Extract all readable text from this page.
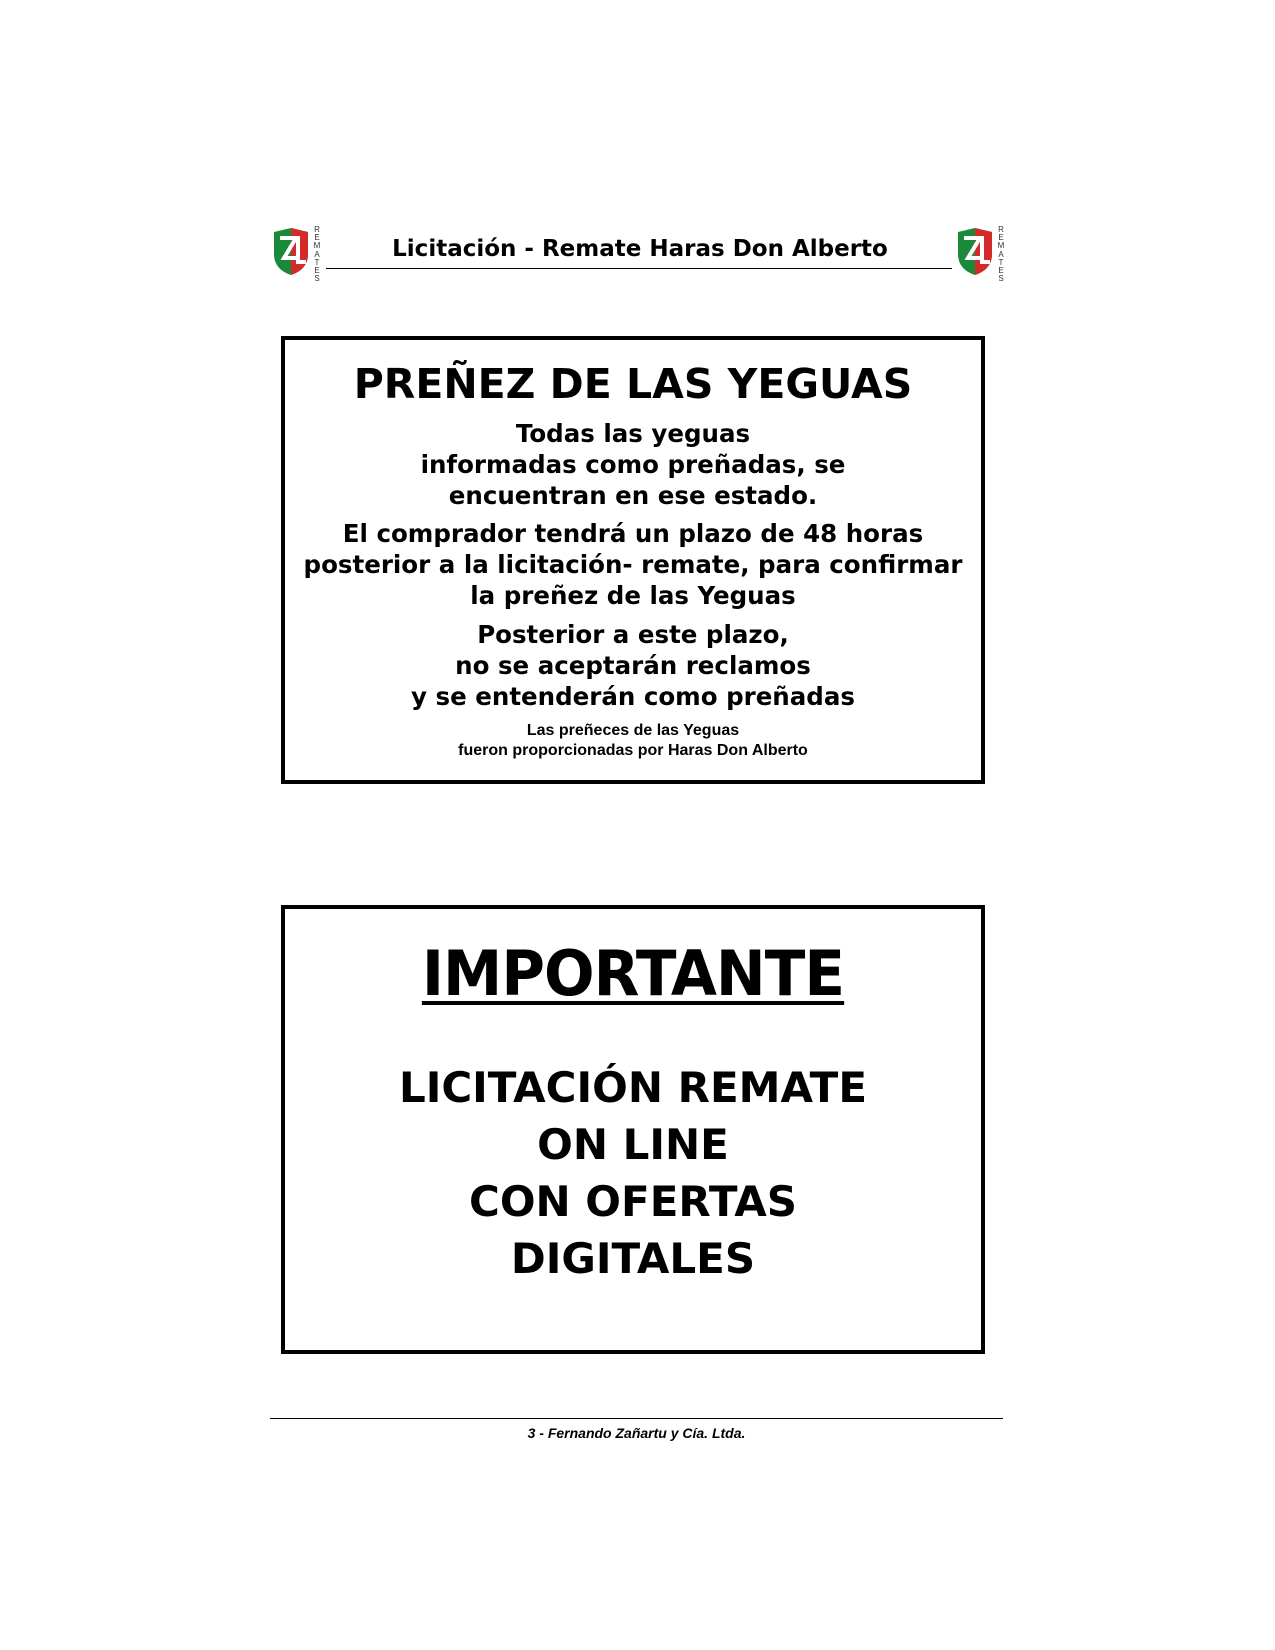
R
E
M
A
T
E
S
Licitación - Remate Haras Don Alberto
R
E
M
A
T
E
S
PREÑEZ DE LAS YEGUAS
Todas las yeguas
informadas como preñadas, se
encuentran en ese estado.
El comprador tendrá un plazo de 48 horas
posterior a la licitación- remate, para confirmar
la preñez de las Yeguas
Posterior a este plazo,
no se aceptarán reclamos
y se entenderán como preñadas
Las preñeces de las Yeguas
fueron proporcionadas por Haras Don Alberto
IMPORTANTE
LICITACIÓN REMATE
ON LINE
CON OFERTAS
DIGITALES
3 - Fernando Zañartu y Cía. Ltda.
